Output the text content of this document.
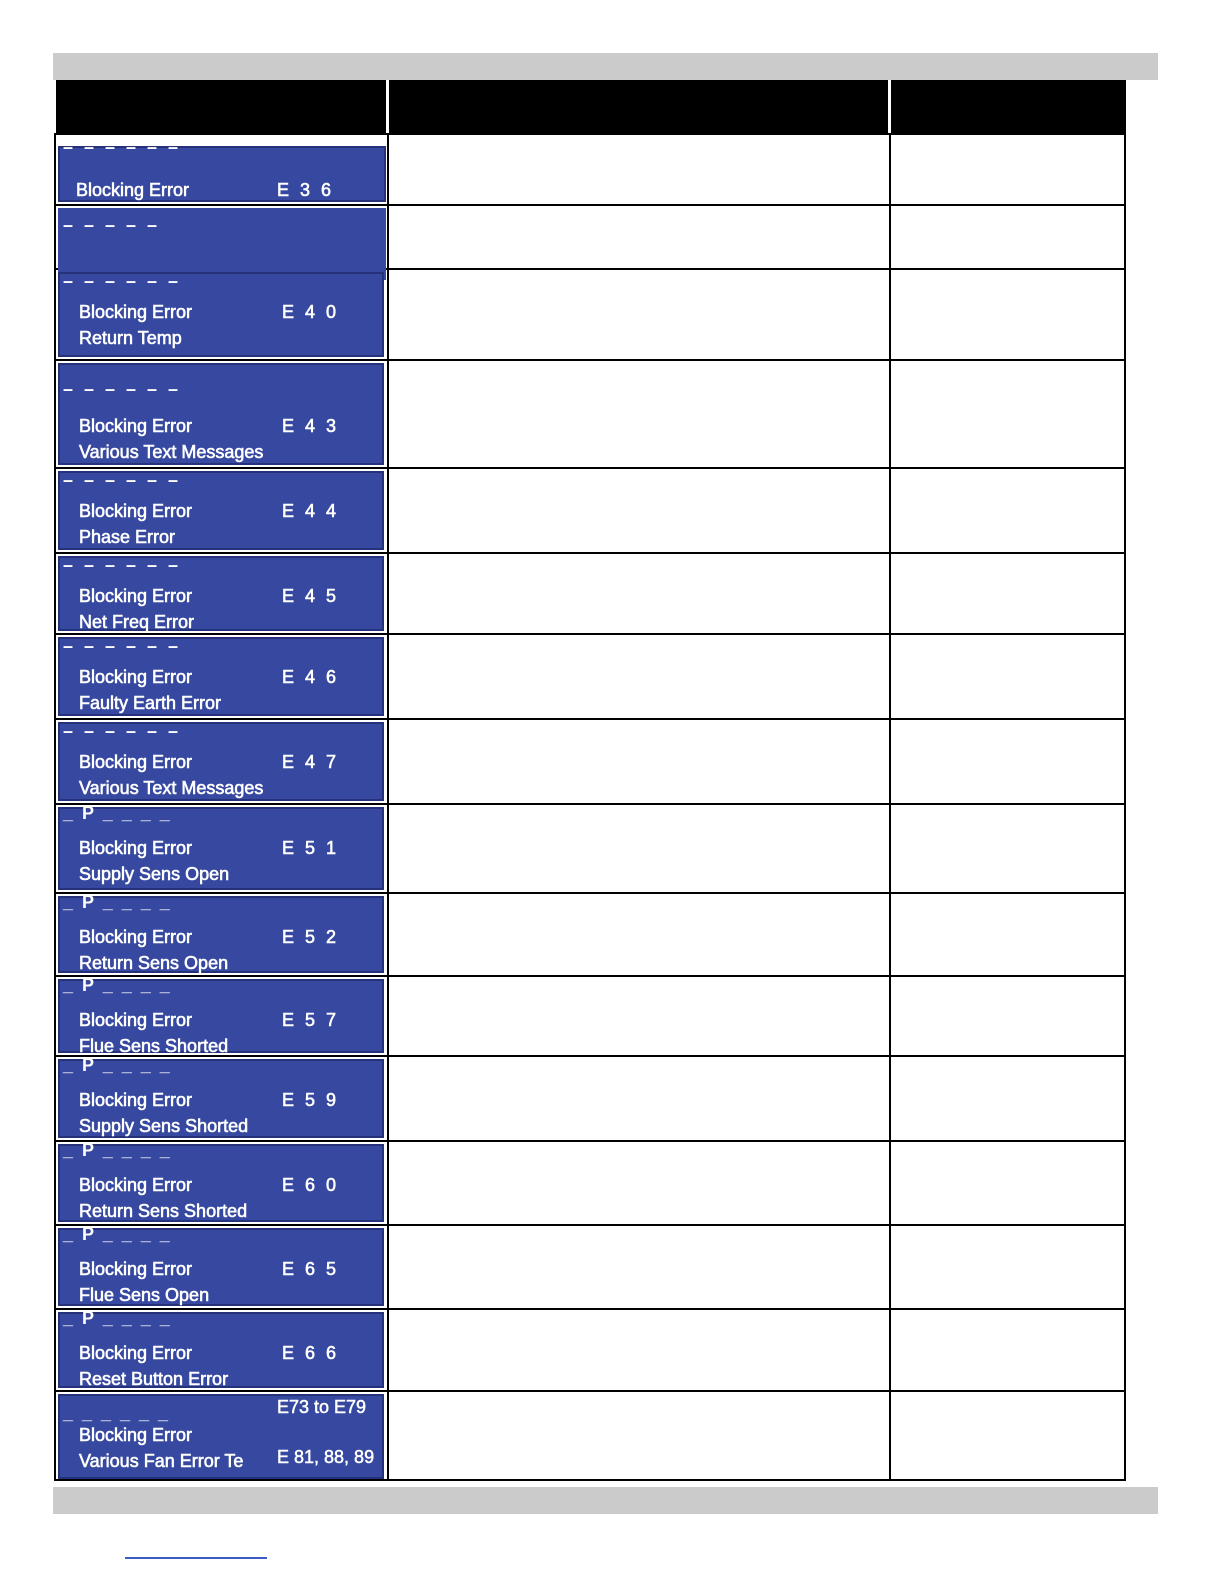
– – – – – –
Blocking Error	E 3 6
– – – – –
– – – – – –
Blocking Error
Return Temp
E 4 0
– – – – – –
Blocking Error
Various Text Messages
E 4 3
– – – – – –
Blocking Error
Phase Error
E 4 4
– – – – – –
Blocking Error
Net Freq Error
E 4 5
– – – – – –
Blocking Error
Faulty Earth Error
E 4 6
– – – – – –
Blocking Error
Various Text Messages
E 4 7
_ P _ _ _ _
Blocking Error
Supply Sens Open
E 5 1
_ P _ _ _ _
Blocking Error
Return Sens Open
E 5 2
_ P _ _ _ _
Blocking Error
Flue Sens Shorted
E 5 7
_ P _ _ _ _
Blocking Error
Supply Sens Shorted
E 5 9
_ P _ _ _ _
Blocking Error
Return Sens Shorted
E 6 0
_ P _ _ _ _
Blocking Error
Flue Sens Open
E 6 5
_ P _ _ _ _
Blocking Error
Reset Button Error
E 6 6
_ _ _ _ _ _
Blocking Error
Various Fan Error Te
E73 to E79
E 81, 88, 89
